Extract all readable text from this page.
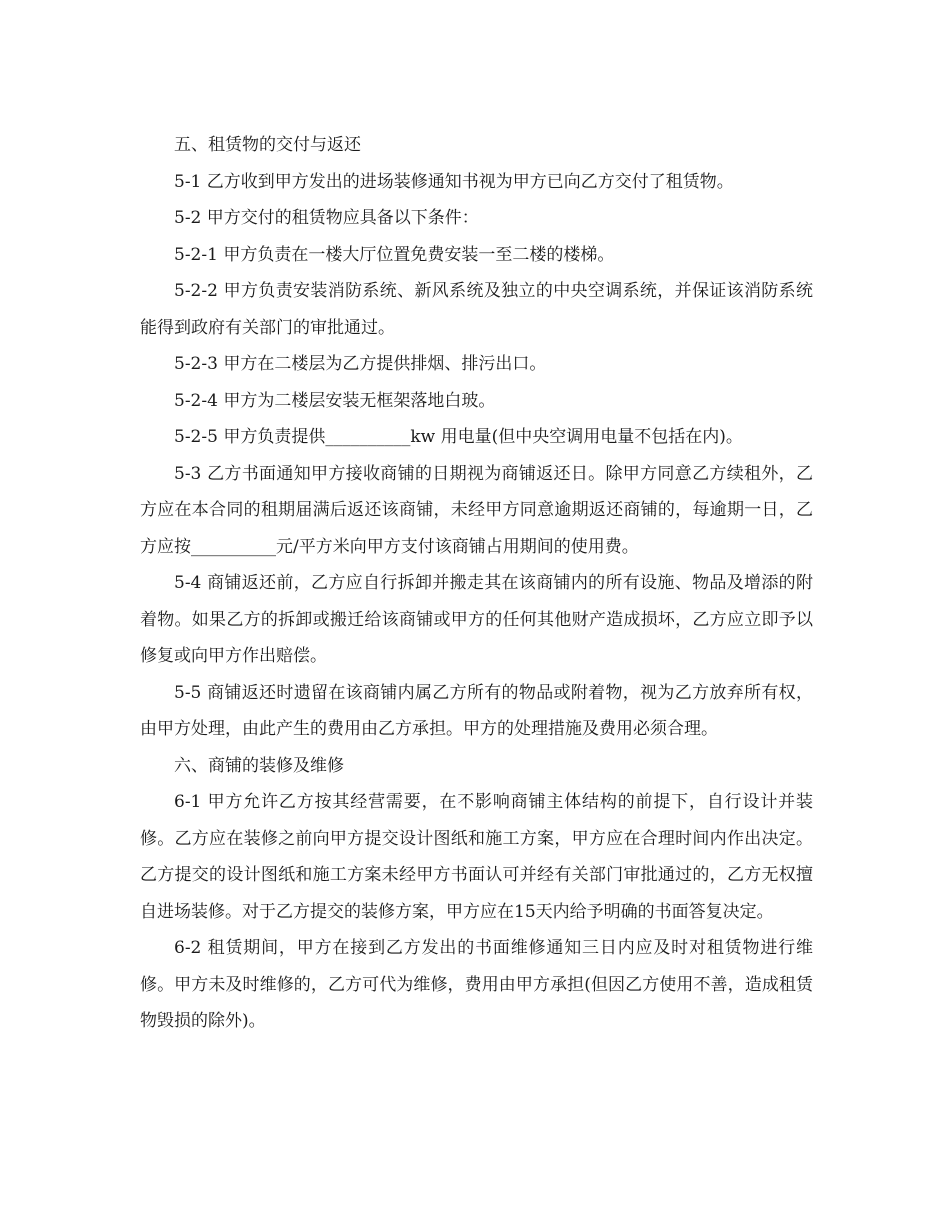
五、租赁物的交付与返还

5-1 乙方收到甲方发出的进场装修通知书视为甲方已向乙方交付了租赁物。

5-2 甲方交付的租赁物应具备以下条件：

5-2-1 甲方负责在一楼大厅位置免费安装一至二楼的楼梯。

5-2-2 甲方负责安装消防系统、新风系统及独立的中央空调系统，并保证该消防系统能得到政府有关部门的审批通过。

5-2-3 甲方在二楼层为乙方提供排烟、排污出口。

5-2-4 甲方为二楼层安装无框架落地白玻。

5-2-5 甲方负责提供__________kw 用电量(但中央空调用电量不包括在内)。

5-3 乙方书面通知甲方接收商铺的日期视为商铺返还日。除甲方同意乙方续租外，乙方应在本合同的租期届满后返还该商铺，未经甲方同意逾期返还商铺的，每逾期一日，乙方应按__________元/平方米向甲方支付该商铺占用期间的使用费。

5-4 商铺返还前，乙方应自行拆卸并搬走其在该商铺内的所有设施、物品及增添的附着物。如果乙方的拆卸或搬迁给该商铺或甲方的任何其他财产造成损坏，乙方应立即予以修复或向甲方作出赔偿。

5-5 商铺返还时遗留在该商铺内属乙方所有的物品或附着物，视为乙方放弃所有权，由甲方处理，由此产生的费用由乙方承担。甲方的处理措施及费用必须合理。

六、商铺的装修及维修

6-1 甲方允许乙方按其经营需要，在不影响商铺主体结构的前提下，自行设计并装修。乙方应在装修之前向甲方提交设计图纸和施工方案，甲方应在合理时间内作出决定。乙方提交的设计图纸和施工方案未经甲方书面认可并经有关部门审批通过的，乙方无权擅自进场装修。对于乙方提交的装修方案，甲方应在15天内给予明确的书面答复决定。

6-2 租赁期间，甲方在接到乙方发出的书面维修通知三日内应及时对租赁物进行维修。甲方未及时维修的，乙方可代为维修，费用由甲方承担(但因乙方使用不善，造成租赁物毁损的除外)。
